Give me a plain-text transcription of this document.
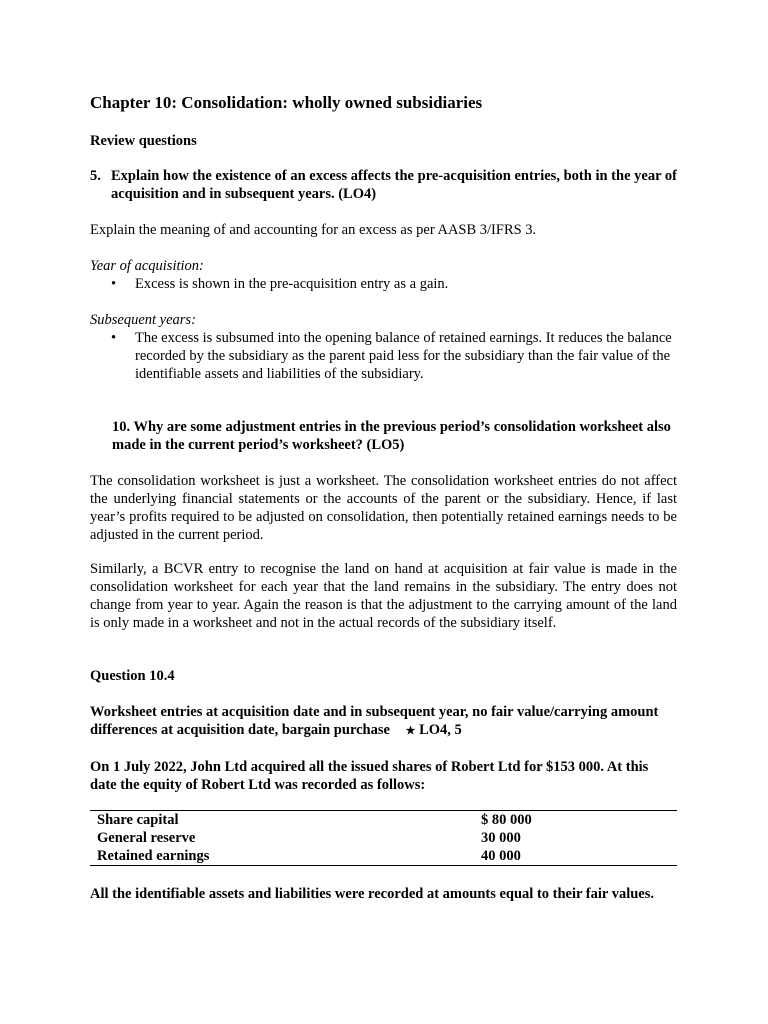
Chapter 10: Consolidation: wholly owned subsidiaries
Review questions
5. Explain how the existence of an excess affects the pre-acquisition entries, both in the year of acquisition and in subsequent years. (LO4)

Explain the meaning of and accounting for an excess as per AASB 3/IFRS 3.

Year of acquisition:
• Excess is shown in the pre-acquisition entry as a gain.
Subsequent years:
• The excess is subsumed into the opening balance of retained earnings. It reduces the balance recorded by the subsidiary as the parent paid less for the subsidiary than the fair value of the identifiable assets and liabilities of the subsidiary.
10. Why are some adjustment entries in the previous period’s consolidation worksheet also made in the current period’s worksheet? (LO5)

The consolidation worksheet is just a worksheet. The consolidation worksheet entries do not affect the underlying financial statements or the accounts of the parent or the subsidiary. Hence, if last year’s profits required to be adjusted on consolidation, then potentially retained earnings needs to be adjusted in the current period.

Similarly, a BCVR entry to recognise the land on hand at acquisition at fair value is made in the consolidation worksheet for each year that the land remains in the subsidiary. The entry does not change from year to year. Again the reason is that the adjustment to the carrying amount of the land is only made in a worksheet and not in the actual records of the subsidiary itself.

Question 10.4
Worksheet entries at acquisition date and in subsequent year, no fair value/carrying amount differences at acquisition date, bargain purchase ★ LO4, 5
On 1 July 2022, John Ltd acquired all the issued shares of Robert Ltd for $153 000. At this date the equity of Robert Ltd was recorded as follows:
Share capital	$ 80 000
General reserve	30 000
Retained earnings	40 000
All the identifiable assets and liabilities were recorded at amounts equal to their fair values.
